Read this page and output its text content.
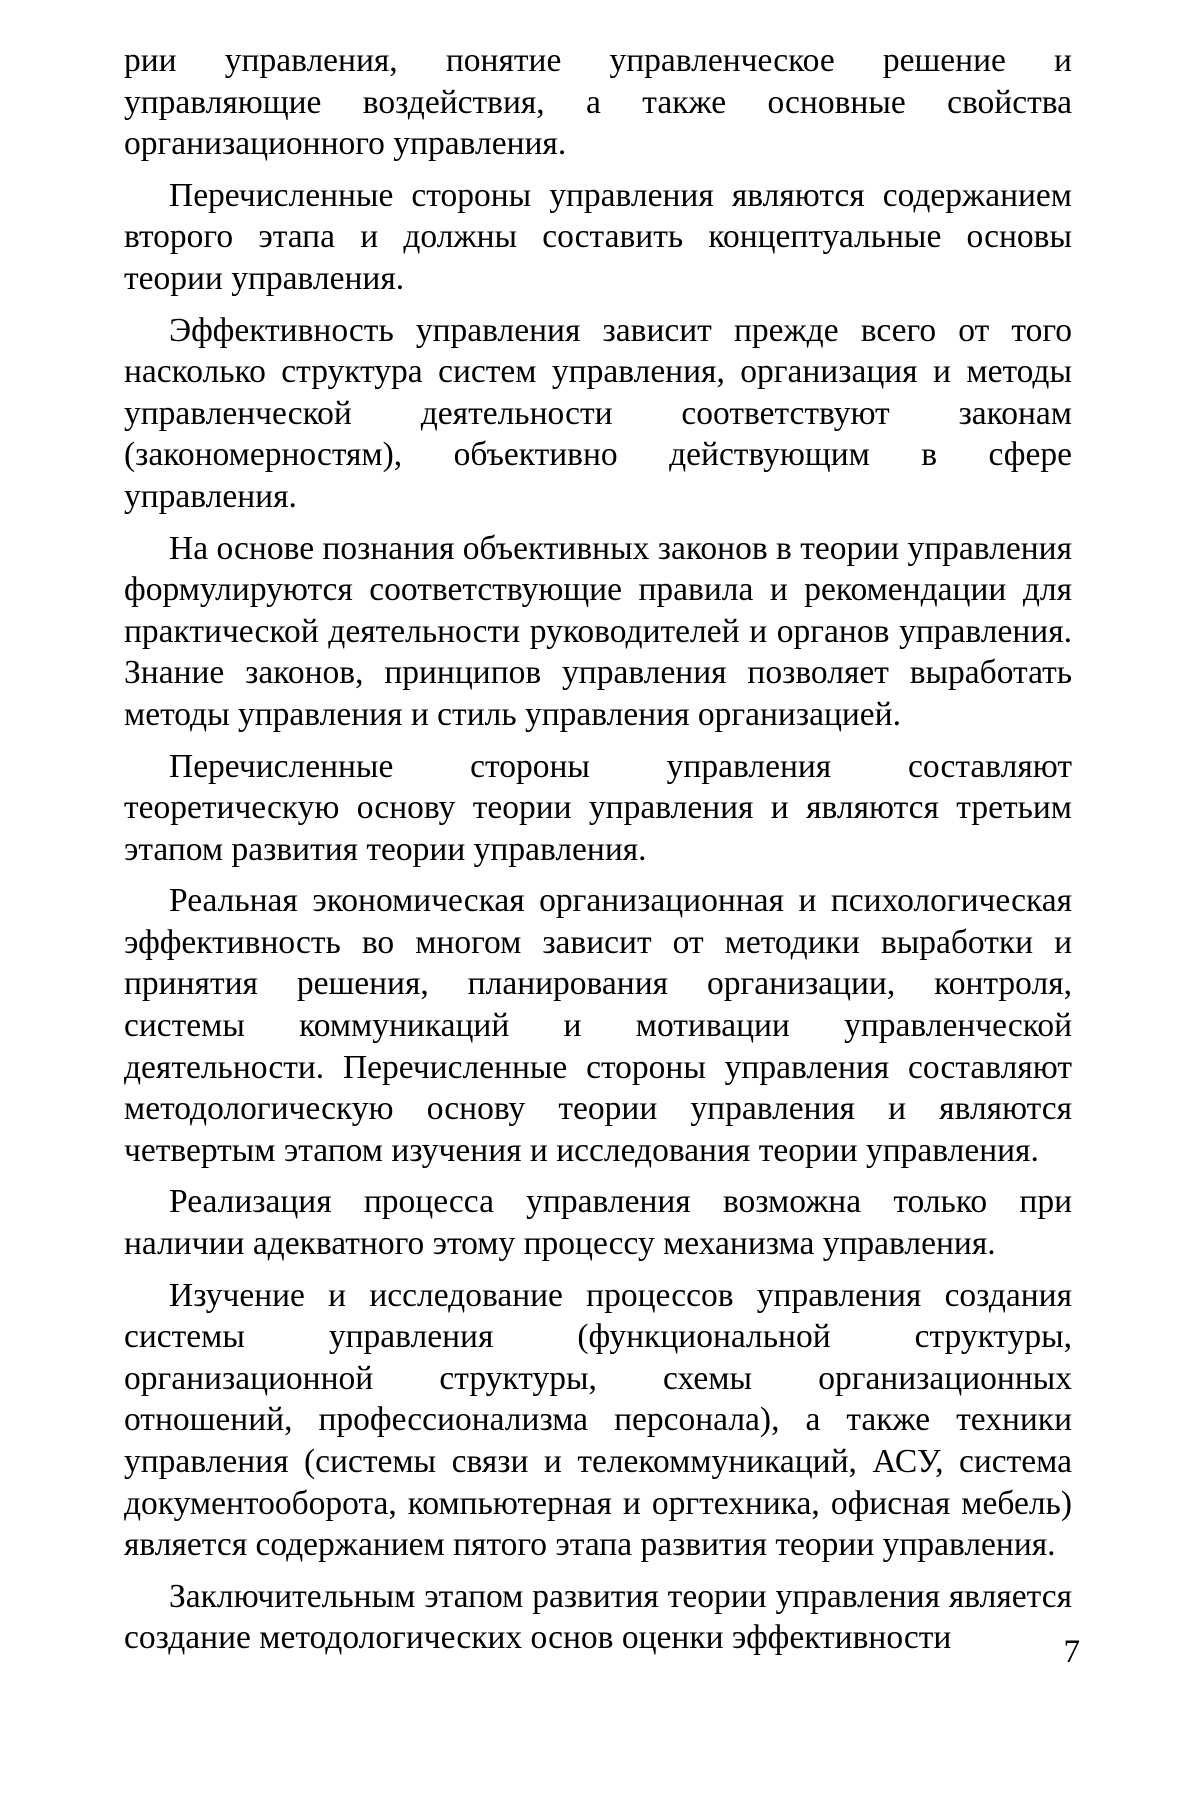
рии управления, понятие управленческое решение и управляющие воздействия, а также основные свойства организационного управления.

Перечисленные стороны управления являются содержанием второго этапа и должны составить концептуальные основы теории управления.

Эффективность управления зависит прежде всего от того насколько структура систем управления, организация и методы управленческой деятельности соответствуют законам (закономерностям), объективно действующим в сфере управления.

На основе познания объективных законов в теории управления формулируются соответствующие правила и рекомендации для практической деятельности руководителей и органов управления. Знание законов, принципов управления позволяет выработать методы управления и стиль управления организацией.

Перечисленные стороны управления составляют теоретическую основу теории управления и являются третьим этапом развития теории управления.

Реальная экономическая организационная и психологическая эффективность во многом зависит от методики выработки и принятия решения, планирования организации, контроля, системы коммуникаций и мотивации управленческой деятельности. Перечисленные стороны управления составляют методологическую основу теории управления и являются четвертым этапом изучения и исследования теории управления.

Реализация процесса управления возможна только при наличии адекватного этому процессу механизма управления.

Изучение и исследование процессов управления создания системы управления (функциональной структуры, организационной структуры, схемы организационных отношений, профессионализма персонала), а также техники управления (системы связи и телекоммуникаций, АСУ, система документооборота, компьютерная и оргтехника, офисная мебель) является содержанием пятого этапа развития теории управления.

Заключительным этапом развития теории управления является создание методологических основ оценки эффективности	7
